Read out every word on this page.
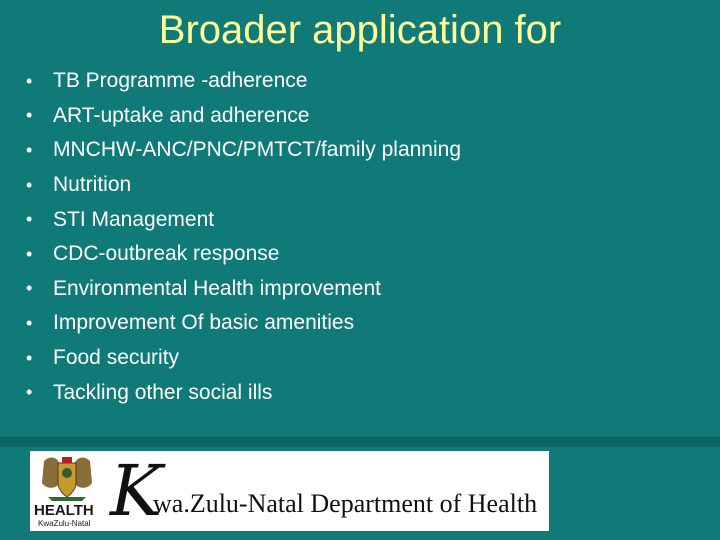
Broader application for
• TB Programme -adherence
• ART-uptake and adherence
• MNCHW-ANC/PNC/PMTCT/family planning
• Nutrition
• STI Management
• CDC-outbreak response
• Environmental Health improvement
• Improvement Of basic amenities
• Food security
• Tackling other social ills
HEALTH
KwaZulu-Natal K
wa.Zulu-Natal Department of Health
